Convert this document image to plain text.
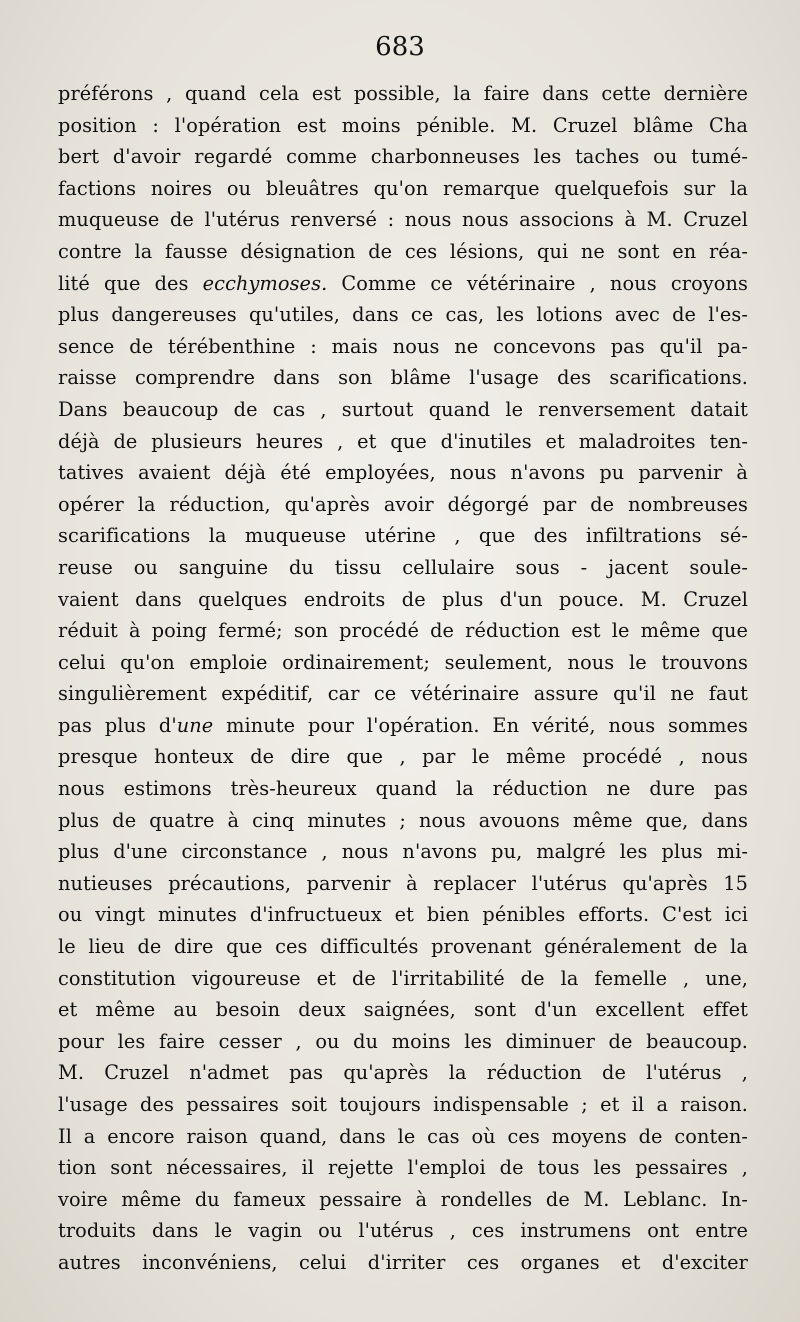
683
préférons , quand cela est possible, la faire dans cette dernière
position : l'opération est moins pénible. M. Cruzel blâme Cha
bert d'avoir regardé comme charbonneuses les taches ou tumé-
factions noires ou bleuâtres qu'on remarque quelquefois sur la
muqueuse de l'utérus renversé : nous nous associons à M. Cruzel
contre la fausse désignation de ces lésions, qui ne sont en réa-
lité que des ecchymoses. Comme ce vétérinaire , nous croyons
plus dangereuses qu'utiles, dans ce cas, les lotions avec de l'es-
sence de térébenthine : mais nous ne concevons pas qu'il pa-
raisse comprendre dans son blâme l'usage des scarifications.
Dans beaucoup de cas , surtout quand le renversement datait
déjà de plusieurs heures , et que d'inutiles et maladroites ten-
tatives avaient déjà été employées, nous n'avons pu parvenir à
opérer la réduction, qu'après avoir dégorgé par de nombreuses
scarifications la muqueuse utérine , que des infiltrations sé-
reuse ou sanguine du tissu cellulaire sous - jacent soule-
vaient dans quelques endroits de plus d'un pouce. M. Cruzel
réduit à poing fermé; son procédé de réduction est le même que
celui qu'on emploie ordinairement; seulement, nous le trouvons
singulièrement expéditif, car ce vétérinaire assure qu'il ne faut
pas plus d'une minute pour l'opération. En vérité, nous sommes
presque honteux de dire que , par le même procédé , nous
nous estimons très-heureux quand la réduction ne dure pas
plus de quatre à cinq minutes ; nous avouons même que, dans
plus d'une circonstance , nous n'avons pu, malgré les plus mi-
nutieuses précautions, parvenir à replacer l'utérus qu'après 15
ou vingt minutes d'infructueux et bien pénibles efforts. C'est ici
le lieu de dire que ces difficultés provenant généralement de la
constitution vigoureuse et de l'irritabilité de la femelle , une,
et même au besoin deux saignées, sont d'un excellent effet
pour les faire cesser , ou du moins les diminuer de beaucoup.
M. Cruzel n'admet pas qu'après la réduction de l'utérus ,
l'usage des pessaires soit toujours indispensable ; et il a raison.
Il a encore raison quand, dans le cas où ces moyens de conten-
tion sont nécessaires, il rejette l'emploi de tous les pessaires ,
voire même du fameux pessaire à rondelles de M. Leblanc. In-
troduits dans le vagin ou l'utérus , ces instrumens ont entre
autres inconvéniens, celui d'irriter ces organes et d'exciter
